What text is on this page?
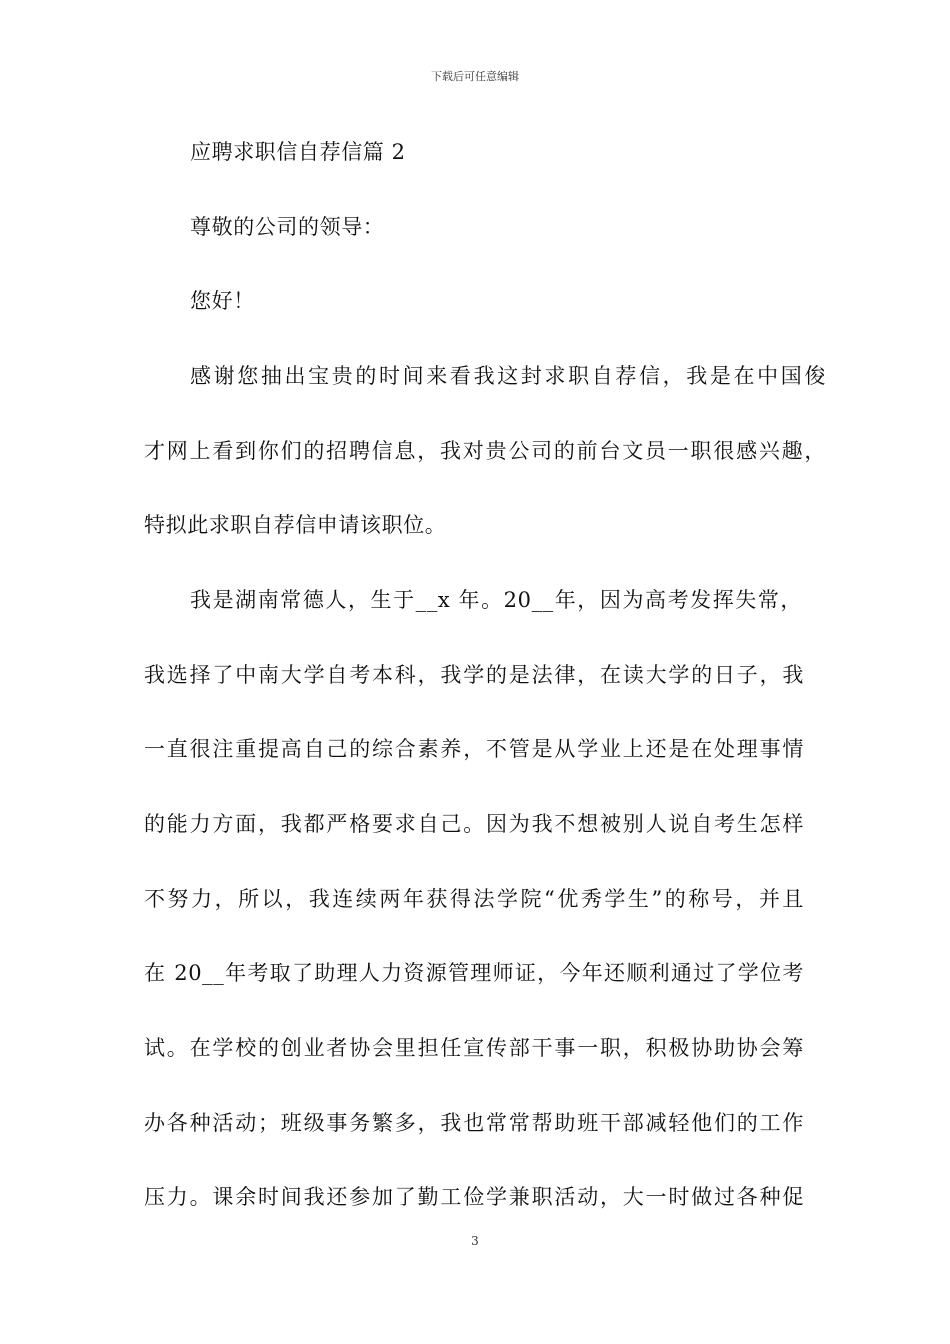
下载后可任意编辑
应聘求职信自荐信篇 2
尊敬的公司的领导：
您好！
感谢您抽出宝贵的时间来看我这封求职自荐信，我是在中国俊
才网上看到你们的招聘信息，我对贵公司的前台文员一职很感兴趣，
特拟此求职自荐信申请该职位。
我是湖南常德人，生于__x 年。20__年，因为高考发挥失常，
我选择了中南大学自考本科，我学的是法律，在读大学的日子，我
一直很注重提高自己的综合素养，不管是从学业上还是在处理事情
的能力方面，我都严格要求自己。因为我不想被别人说自考生怎样
不努力，所以，我连续两年获得法学院“优秀学生”的称号，并且
在 20__年考取了助理人力资源管理师证，今年还顺利通过了学位考
试。在学校的创业者协会里担任宣传部干事一职，积极协助协会筹
办各种活动；班级事务繁多，我也常常帮助班干部减轻他们的工作
压力。课余时间我还参加了勤工俭学兼职活动，大一时做过各种促
3
